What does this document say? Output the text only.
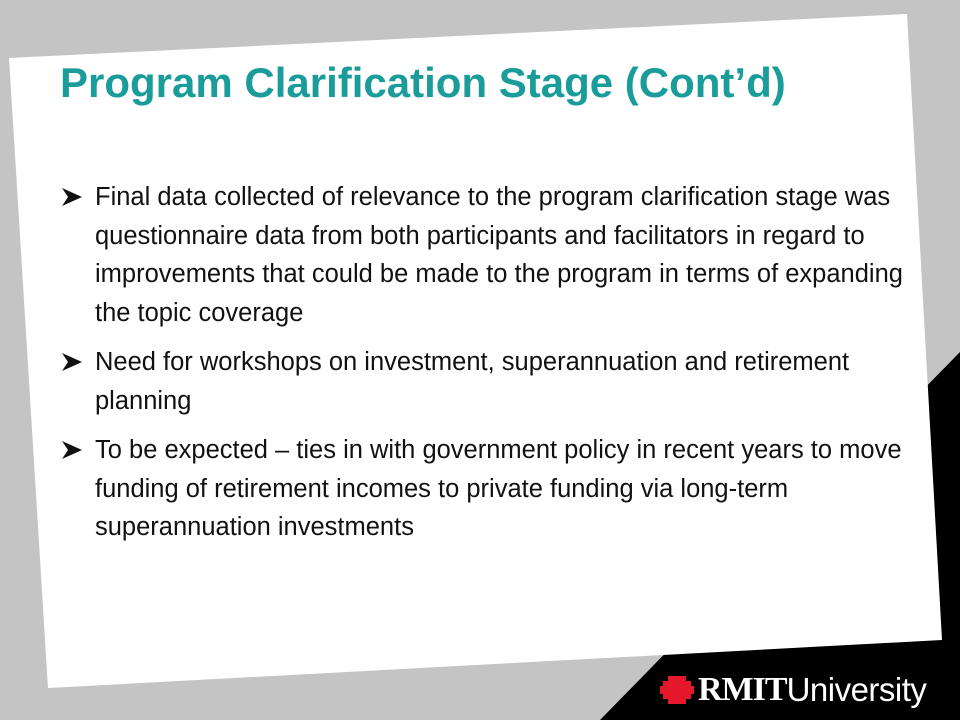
Program Clarification Stage (Cont’d)
Final data collected of relevance to the program clarification stage was questionnaire data from both participants and facilitators in regard to improvements that could be made to the program in terms of expanding the topic coverage
Need for workshops on investment, superannuation and retirement planning
To be expected – ties in with government policy in recent years to move funding of retirement incomes to private funding via long-term superannuation investments
RMIT University
